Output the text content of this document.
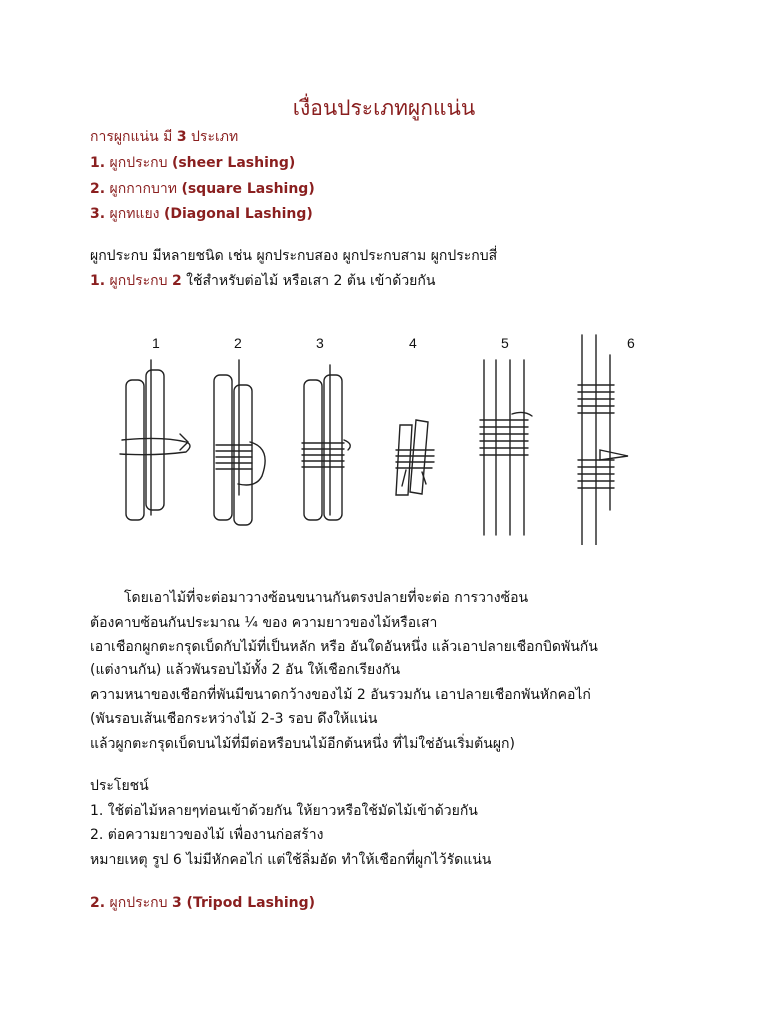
เงื่อนประเภทผูกแน่น
การผูกแน่น มี 3 ประเภท
1. ผูกประกบ (sheer Lashing)
2. ผูกกากบาท (square Lashing)
3. ผูกทแยง (Diagonal Lashing)
ผูกประกบ มีหลายชนิด เช่น ผูกประกบสอง ผูกประกบสาม ผูกประกบสี่
1. ผูกประกบ 2 ใช้สำหรับต่อไม้ หรือเสา 2 ต้น เข้าด้วยกัน
1	2	3	4	5	6
โดยเอาไม้ที่จะต่อมาวางซ้อนขนานกันตรงปลายที่จะต่อ การวางซ้อน
ต้องคาบซ้อนกันประมาณ ¼ ของ ความยาวของไม้หรือเสา
เอาเชือกผูกตะกรุดเบ็ดกับไม้ที่เป็นหลัก หรือ อันใดอันหนึ่ง แล้วเอาปลายเชือกบิดพันกัน
(แต่งานกัน) แล้วพันรอบไม้ทั้ง 2 อัน ให้เชือกเรียงกัน
ความหนาของเชือกที่พันมีขนาดกว้างของไม้ 2 อันรวมกัน เอาปลายเชือกพันหักคอไก่
(พันรอบเส้นเชือกระหว่างไม้ 2-3 รอบ ดึงให้แน่น
แล้วผูกตะกรุดเบ็ดบนไม้ที่มีต่อหรือบนไม้อีกต้นหนึ่ง ที่ไม่ใช่อันเริ่มต้นผูก)
ประโยชน์
1. ใช้ต่อไม้หลายๆท่อนเข้าด้วยกัน ให้ยาวหรือใช้มัดไม้เข้าด้วยกัน
2. ต่อความยาวของไม้ เพื่องานก่อสร้าง
หมายเหตุ รูป 6 ไม่มีหักคอไก่ แต่ใช้ลิ่มอัด ทำให้เชือกที่ผูกไว้รัดแน่น
2. ผูกประกบ 3 (Tripod Lashing)
